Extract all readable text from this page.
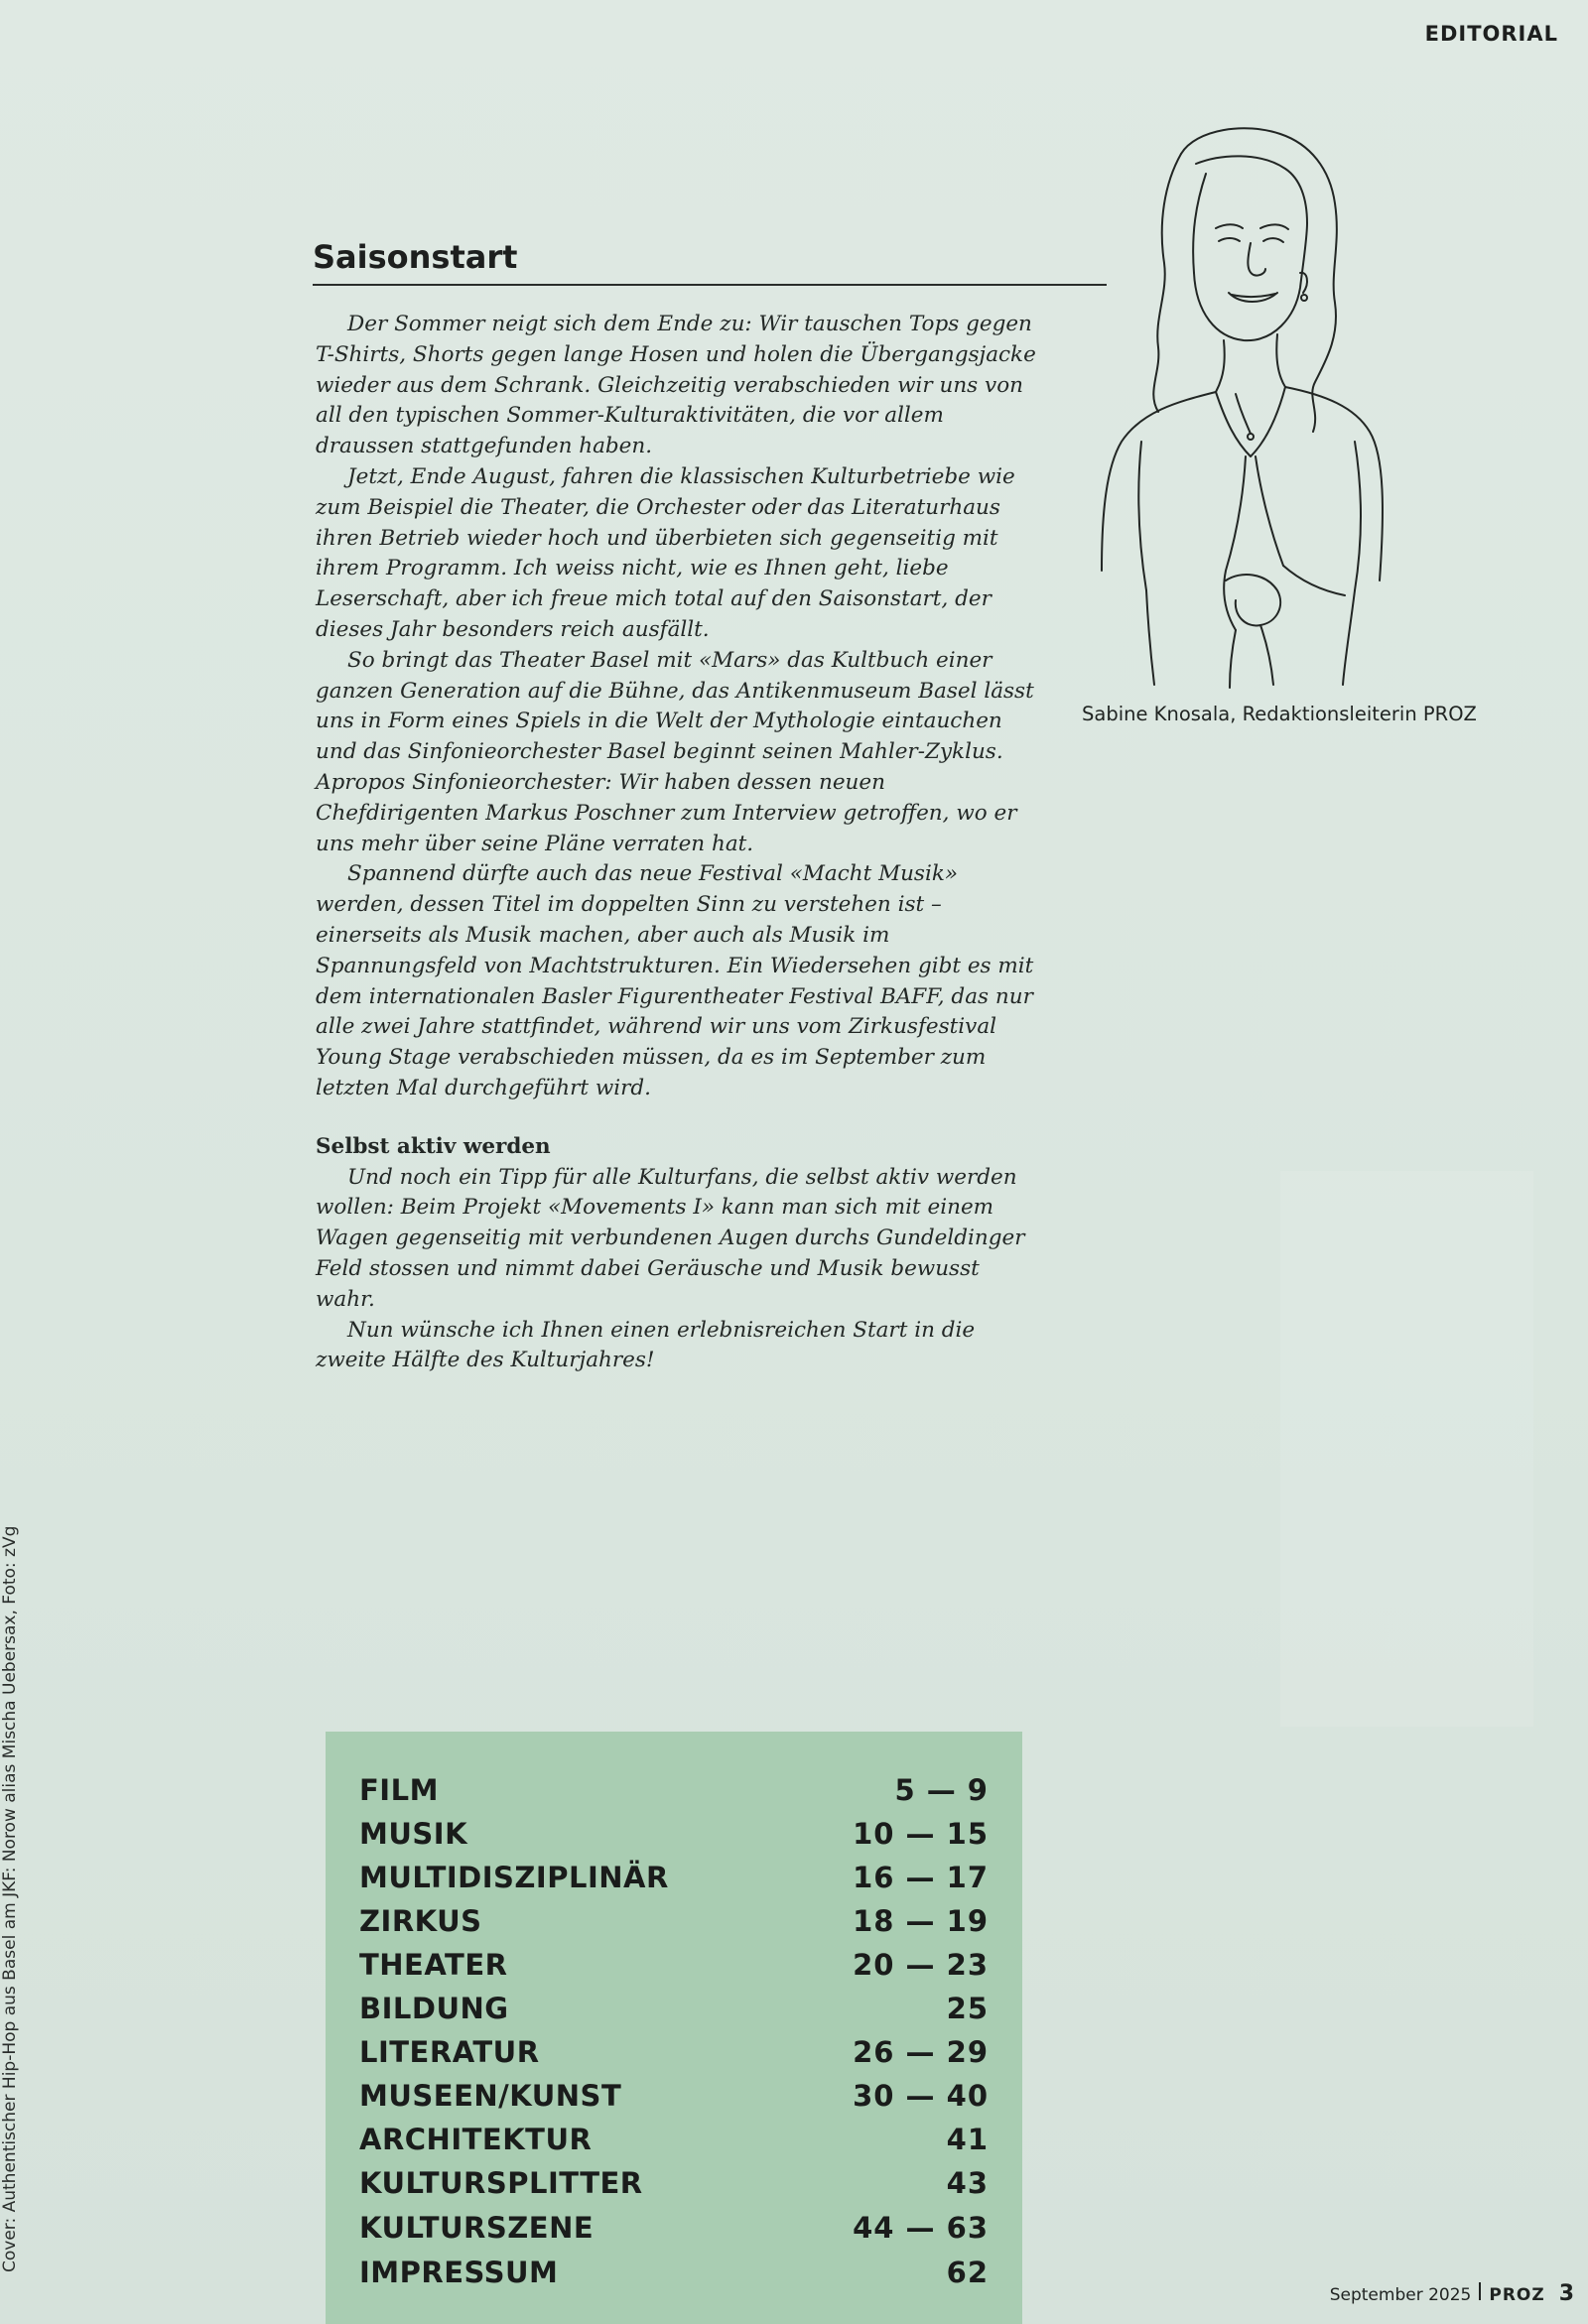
EDITORIAL
Saisonstart

Der Sommer neigt sich dem Ende zu: Wir tauschen Tops gegen T-Shirts, Shorts gegen lange Hosen und holen die Übergangsjacke wieder aus dem Schrank. Gleichzeitig verabschieden wir uns von all den typischen Sommer-Kulturaktivitäten, die vor allem draussen stattgefunden haben.

Jetzt, Ende August, fahren die klassischen Kulturbetriebe wie zum Beispiel die Theater, die Orchester oder das Literaturhaus ihren Betrieb wieder hoch und überbieten sich gegenseitig mit ihrem Programm. Ich weiss nicht, wie es Ihnen geht, liebe Leserschaft, aber ich freue mich total auf den Saisonstart, der dieses Jahr besonders reich ausfällt.

So bringt das Theater Basel mit «Mars» das Kultbuch einer ganzen Generation auf die Bühne, das Antikenmuseum Basel lässt uns in Form eines Spiels in die Welt der Mythologie eintauchen und das Sinfonieorchester Basel beginnt seinen Mahler-Zyklus. Apropos Sinfonieorchester: Wir haben dessen neuen Chefdirigenten Markus Poschner zum Interview getroffen, wo er uns mehr über seine Pläne verraten hat.

Spannend dürfte auch das neue Festival «Macht Musik» werden, dessen Titel im doppelten Sinn zu verstehen ist – einerseits als Musik machen, aber auch als Musik im Spannungsfeld von Machtstrukturen. Ein Wiedersehen gibt es mit dem internationalen Basler Figurentheater Festival BAFF, das nur alle zwei Jahre stattfindet, während wir uns vom Zirkusfestival Young Stage verabschieden müssen, da es im September zum letzten Mal durchgeführt wird.

Selbst aktiv werden

Und noch ein Tipp für alle Kulturfans, die selbst aktiv werden wollen: Beim Projekt «Movements I» kann man sich mit einem Wagen gegenseitig mit verbundenen Augen durchs Gundeldinger Feld stossen und nimmt dabei Geräusche und Musik bewusst wahr.

Nun wünsche ich Ihnen einen erlebnisreichen Start in die zweite Hälfte des Kulturjahres!

Sabine Knosala, Redaktionsleiterin PROZ
FILM	5 — 9
MUSIK	10 — 15
MULTIDISZIPLINÄR	16 — 17
ZIRKUS	18 — 19
THEATER	20 — 23
BILDUNG	25
LITERATUR	26 — 29
MUSEEN/KUNST	30 — 40
ARCHITEKTUR	41
KULTURSPLITTER	43
KULTURSZENE	44 — 63
IMPRESSUM	62
Cover: Authentischer Hip-Hop aus Basel am JKF: Norow alias Mischa Uebersax, Foto: zVg
September 2025 PROZ 3
